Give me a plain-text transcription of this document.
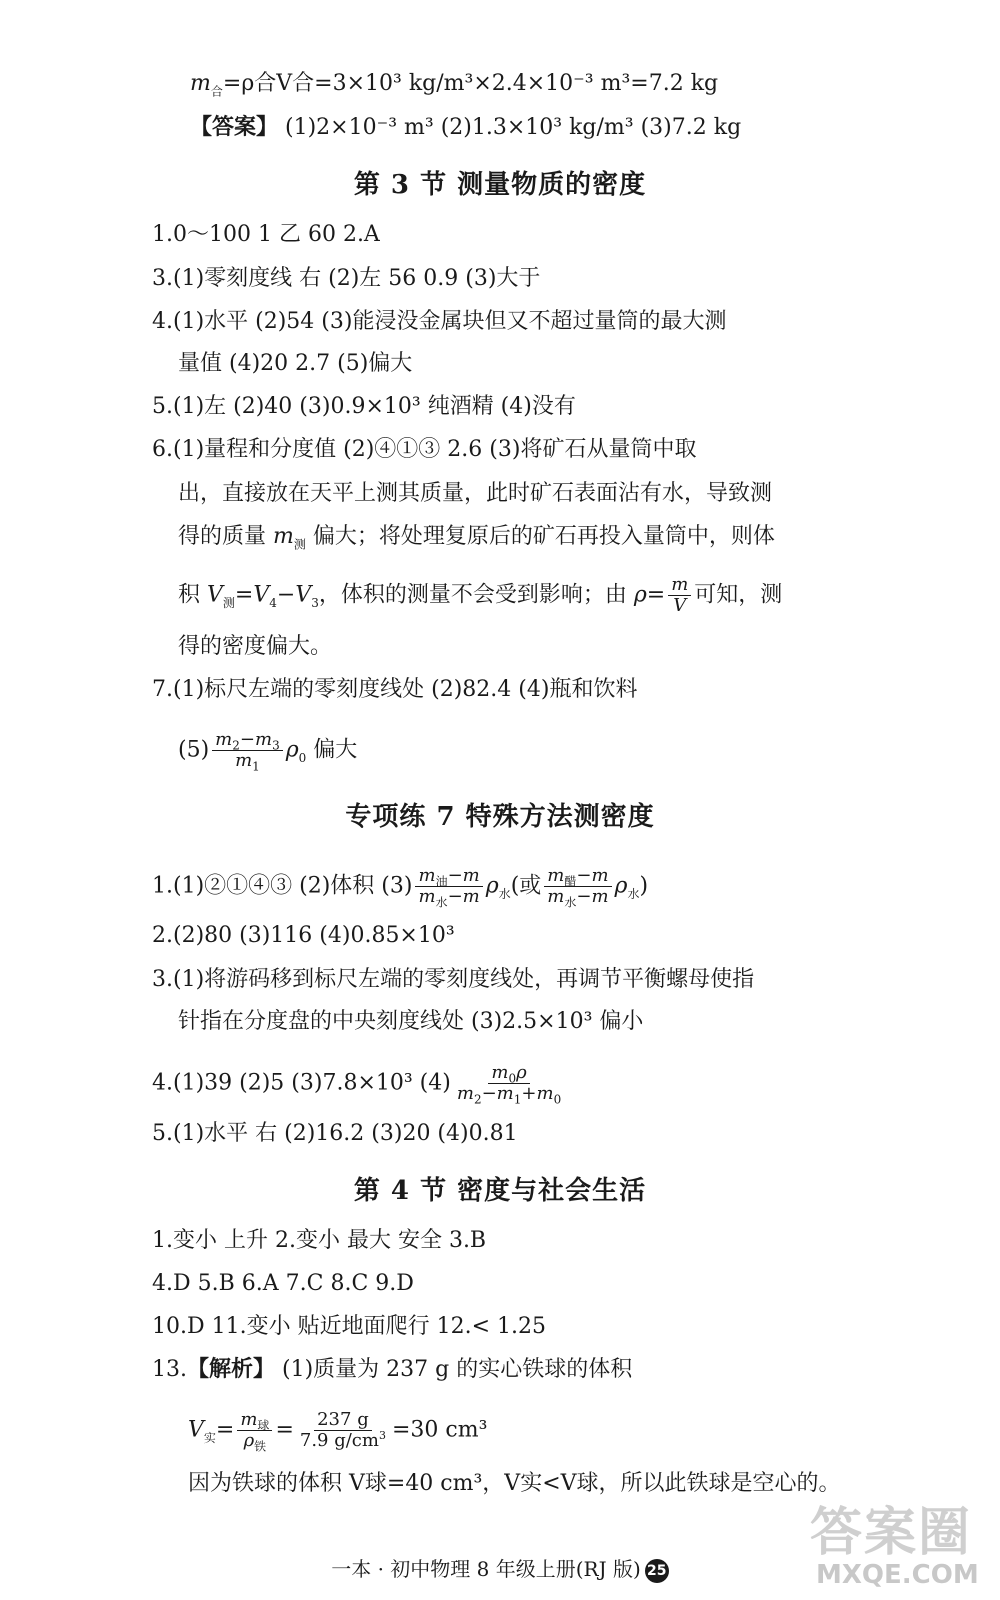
$m_合=\rho$合V合=3×10³ kg/m³×2.4×10⁻³ m³=7.2 kg
【答案】 (1)2×10⁻³ m³ (2)1.3×10³ kg/m³ (3)7.2 kg
第 3 节 测量物质的密度
1.0～100 1 乙 60 2.A
3.(1)零刻度线 右 (2)左 56 0.9 (3)大于
4.(1)水平 (2)54 (3)能浸没金属块但又不超过量筒的最大测
量值 (4)20 2.7 (5)偏大
5.(1)左 (2)40 (3)0.9×10³ 纯酒精 (4)没有
6.(1)量程和分度值 (2)④①③ 2.6 (3)将矿石从量筒中取
出，直接放在天平上测其质量，此时矿石表面沾有水，导致测
得的质量 $m_测$ 偏大；将处理复原后的矿石再投入量筒中，则体
积 $V_测=V_4-V_3$，体积的测量不会受到影响；由 $\rho= \frac{m}{V}$ 可知，测
得的密度偏大。
7.(1)标尺左端的零刻度线处 (2)82.4 (4)瓶和饮料
$(5) \frac{m_2-m_3}{m_1} \rho_0$ 偏大
专项练 7 特殊方法测密度
1.(1)②①④③ (2)体积 $(3) \frac{m_油-m}{m_水-m} \rho_水$(或 $\frac{m_醋-m}{m_水-m} \rho_水$)
2.(2)80 (3)116 (4)0.85×10³
3.(1)将游码移到标尺左端的零刻度线处，再调节平衡螺母使指
针指在分度盘的中央刻度线处 (3)2.5×10³ 偏小
4.(1)39 (2)5 (3)7.8×10³ $(4) \frac{m_0\rho}{m_2-m_1+m_0}$
5.(1)水平 右 (2)16.2 (3)20 (4)0.81
第 4 节 密度与社会生活
1.变小 上升 2.变小 最大 安全 3.B
4.D 5.B 6.A 7.C 8.C 9.D
10.D 11.变小 贴近地面爬行 12.< 1.25
13.【解析】 (1)质量为 237 g 的实心铁球的体积
$V_实= \frac{m_球}{\rho_铁} = \frac{237 g}{7.9 g/cm^3} =30$ cm³
因为铁球的体积 V球=40 cm³，V实<V球，所以此铁球是空心的。
一本 · 初中物理 8 年级上册(RJ 版) 25
答案圈
MXQE.COM
